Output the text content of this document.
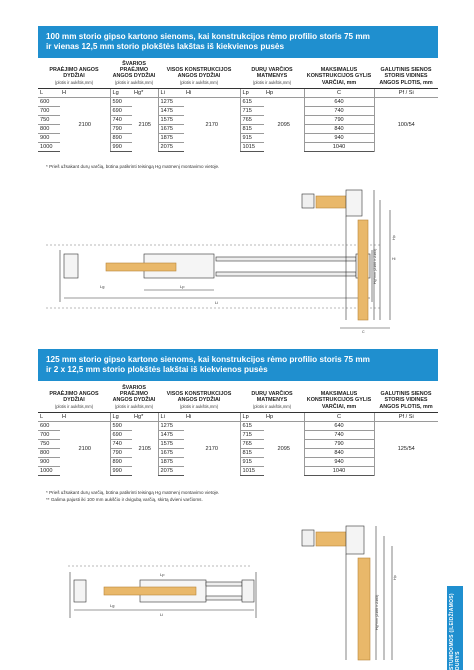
100 mm storio gipso kartono sienoms, kai konstrukcijos rėmo profilio storis 75 mm
ir vienas 12,5 mm storio plokštės lakštas iš kiekvienos pusės
PRAĖJIMO ANGOS DYDŽIAI
(plotis ir aukštis,mm)		ŠVARIOS PRAĖJIMO ANGOS DYDŽIAI
(plotis ir aukštis,mm)		VISOS KONSTRUKCIJOS ANGOS DYDŽIAI
(plotis ir aukštis,mm)		DURŲ VARČIOS MATMENYS
(plotis ir aukštis,mm)		MAKSIMALUS KONSTRUKCIJOS GYLIS VARČIAI, mm	GALUTINIS SIENOS STORIS VIDINES ANGOS PLOTIS, mm
L	H	Lg	Hg*	Li	Hi	Lp	Hp	C	Pf / Si
600	2100	590	2105	1275	2170	615	2095	640	100/54
700		690		1475		715		740	
750		740		1575		765		790	
800		790		1675		815		840	
900		890		1875		915		940	
1000		990		2075		1015		1040	
* Prieš užsakant durų varčią, būtina patikrinti teisingą Hg matmenį montavimo vietoje.
Lg	Lp
Li
Hg*mm (2100 ir 2105)
Hp
Hi
C
125 mm storio gipso kartono sienoms, kai konstrukcijos rėmo profilio storis 75 mm
ir 2 x 12,5 mm storio plokštės lakštai iš kiekvienos pusės
PRAĖJIMO ANGOS DYDŽIAI
(plotis ir aukštis,mm)		ŠVARIOS PRAĖJIMO ANGOS DYDŽIAI
(plotis ir aukštis,mm)		VISOS KONSTRUKCIJOS ANGOS DYDŽIAI
(plotis ir aukštis,mm)		DURŲ VARČIOS MATMENYS
(plotis ir aukštis,mm)		MAKSIMALUS KONSTRUKCIJOS GYLIS VARČIAI, mm	GALUTINIS SIENOS STORIS VIDINES ANGOS PLOTIS, mm
L	H	Lg	Hg*	Li	Hi	Lp	Hp	C	Pf / Si
600	2100	590	2105	1275	2170	615	2095	640	125/54
700		690		1475		715		740	
750		740		1575		765		790	
800		790		1675		815		840	
900		890		1875		915		940	
1000		990		2075		1015		1040	
* Prieš užsakant durų varčią, būtina patikrinti teisingą Hg matmenį montavimo vietoje.
** Galima pajusti iki 100 mm aukščio ir dvigubą varčią, skirtą dvieni varčioms.
Lg
Lp
Li	Hg*mm (2100 ir 2105)
Hp
STUMDOMOS (ĮLEIDŽIAMOS) DURYS
